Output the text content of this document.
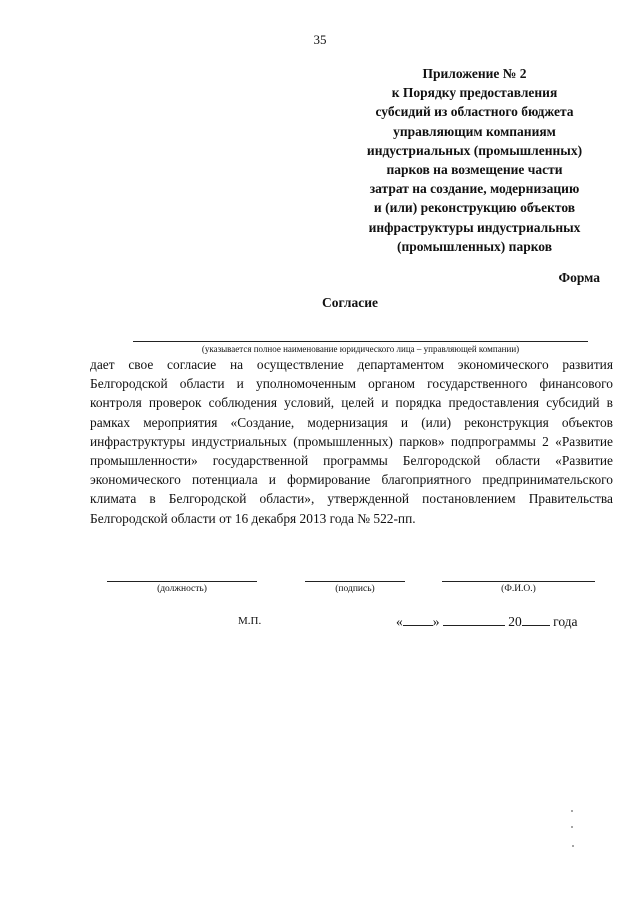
35
Приложение № 2
к Порядку предоставления
субсидий из областного бюджета
управляющим компаниям
индустриальных (промышленных)
парков на возмещение части
затрат на создание, модернизацию
и (или) реконструкцию объектов
инфраструктуры индустриальных
(промышленных) парков
Форма
Согласие
(указывается полное наименование юридического лица – управляющей компании)
дает свое согласие на осуществление департаментом экономического развития Белгородской области и уполномоченным органом государственного финансового контроля проверок соблюдения условий, целей и порядка предоставления субсидий в рамках мероприятия «Создание, модернизация и (или) реконструкция объектов инфраструктуры индустриальных (промышленных) парков» подпрограммы 2 «Развитие промышленности» государственной программы Белгородской области «Развитие экономического потенциала и формирование благоприятного предпринимательского климата в Белгородской области», утвержденной постановлением Правительства Белгородской области от 16 декабря 2013 года № 522-пп.
(должность)	(подпись)	(Ф.И.О.)
М.П.	« »	20 года
